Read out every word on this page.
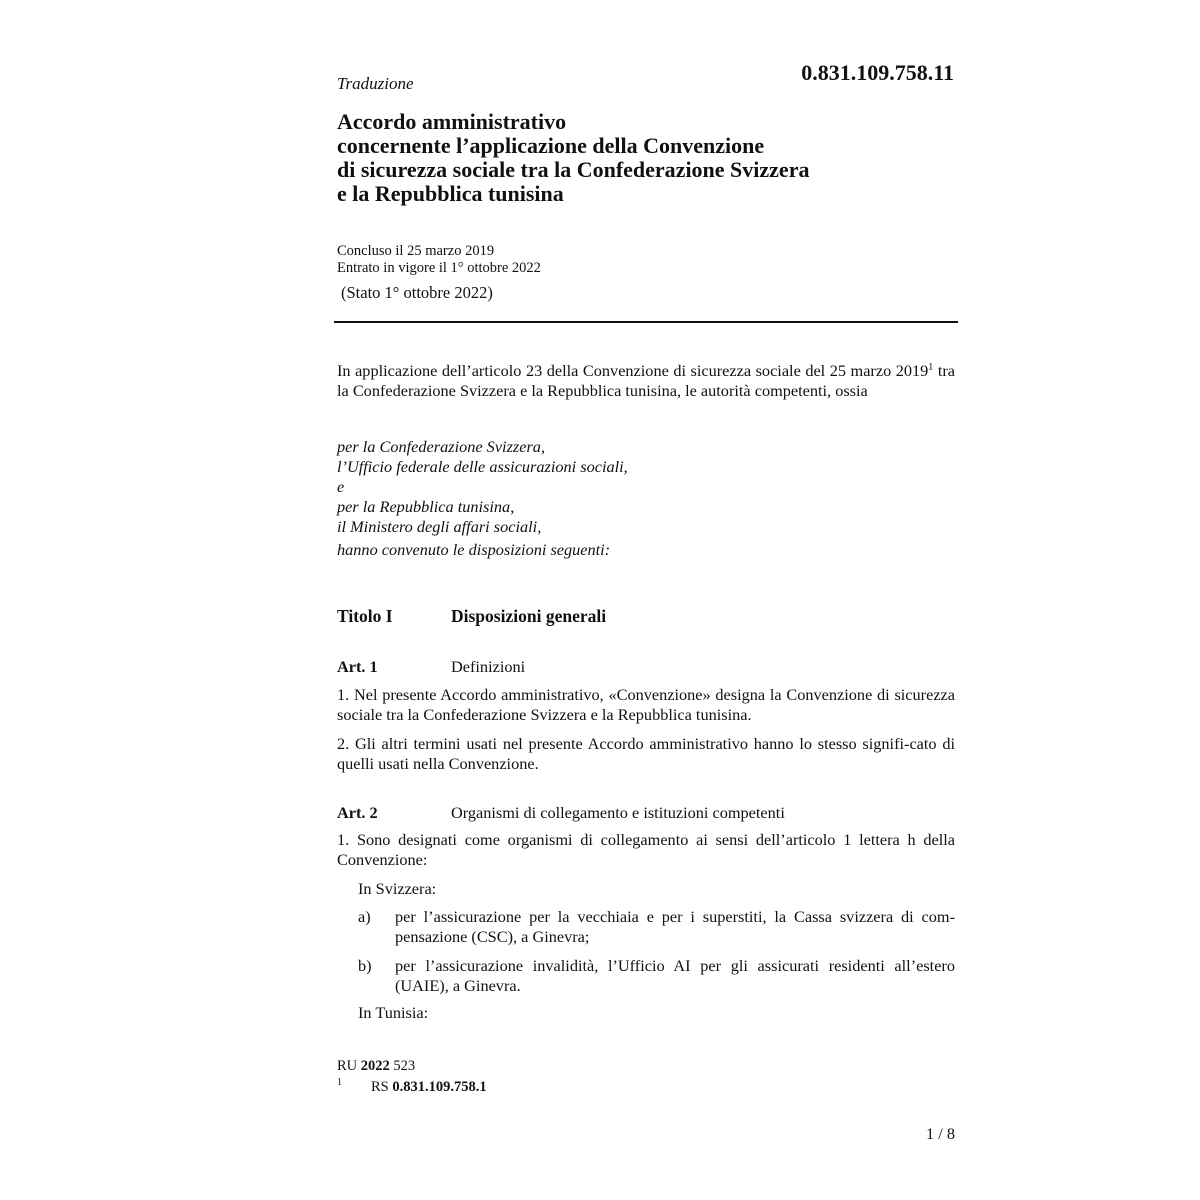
Traduzione	0.831.109.758.11
Accordo amministrativo
concernente l’applicazione della Convenzione
di sicurezza sociale tra la Confederazione Svizzera
e la Repubblica tunisina
Concluso il 25 marzo 2019
Entrato in vigore il 1° ottobre 2022
(Stato 1° ottobre 2022)
In applicazione dell’articolo 23 della Convenzione di sicurezza sociale del 25 marzo 2019$^1$ tra la Confederazione Svizzera e la Repubblica tunisina, le autorità competenti, ossia
per la Confederazione Svizzera,
l’Ufficio federale delle assicurazioni sociali,
e
per la Repubblica tunisina,
il Ministero degli affari sociali,
hanno convenuto le disposizioni seguenti:
Titolo I	Disposizioni generali
Art. 1	Definizioni
1. Nel presente Accordo amministrativo, «Convenzione» designa la Convenzione di sicurezza sociale tra la Confederazione Svizzera e la Repubblica tunisina.
2. Gli altri termini usati nel presente Accordo amministrativo hanno lo stesso signifi-cato di quelli usati nella Convenzione.
Art. 2	Organismi di collegamento e istituzioni competenti
1. Sono designati come organismi di collegamento ai sensi dell’articolo 1 lettera h della Convenzione:
In Svizzera:
a) per l’assicurazione per la vecchiaia e per i superstiti, la Cassa svizzera di com-pensazione (CSC), a Ginevra;
b) per l’assicurazione invalidità, l’Ufficio AI per gli assicurati residenti all’estero (UAIE), a Ginevra.
In Tunisia:
RU 2022 523
1 RS 0.831.109.758.1
1 / 8
